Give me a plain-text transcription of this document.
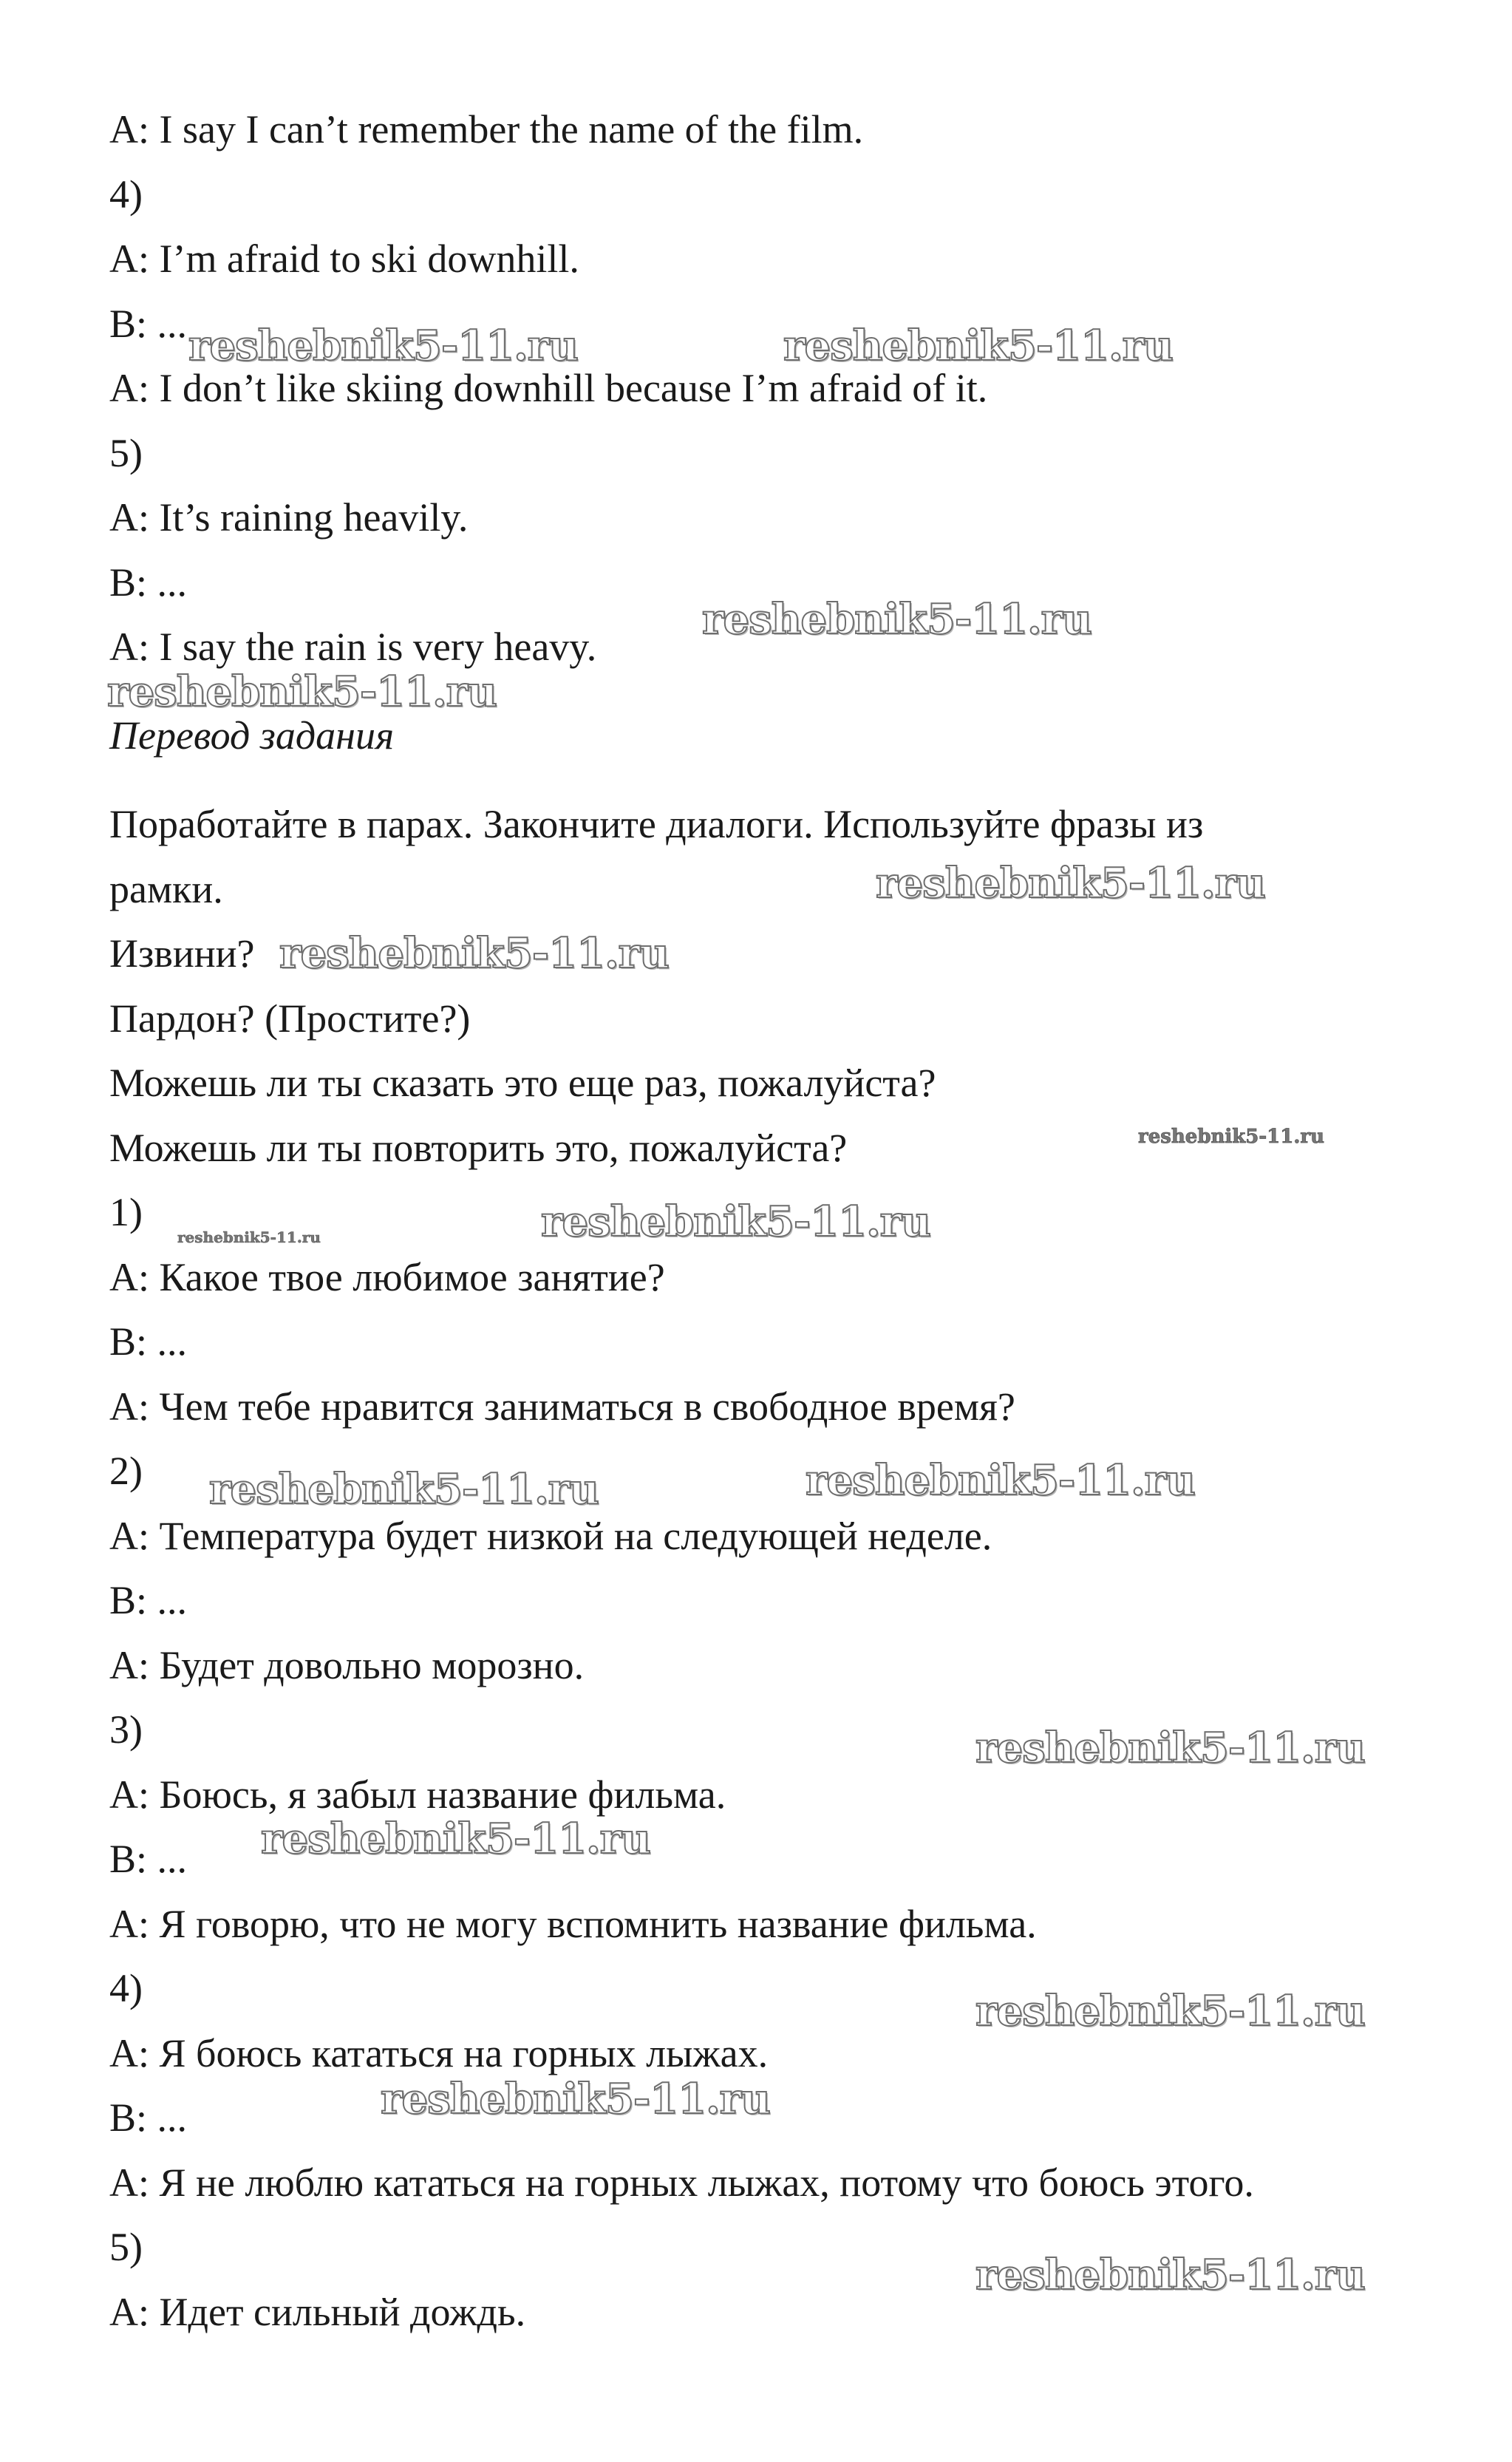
A: I say I can’t remember the name of the film.
4)
A: I’m afraid to ski downhill.
B: ...
A: I don’t like skiing downhill because I’m afraid of it.
5)
A: It’s raining heavily.
B: ...
A: I say the rain is very heavy.
Перевод задания
Поработайте в парах. Закончите диалоги. Используйте фразы из
рамки.
Извини?
Пардон? (Простите?)
Можешь ли ты сказать это еще раз, пожалуйста?
Можешь ли ты повторить это, пожалуйста?
1)
A: Какое твое любимое занятие?
B: ...
A: Чем тебе нравится заниматься в свободное время?
2)
A: Температура будет низкой на следующей неделе.
B: ...
A: Будет довольно морозно.
3)
A: Боюсь, я забыл название фильма.
B: ...
A: Я говорю, что не могу вспомнить название фильма.
4)
A: Я боюсь кататься на горных лыжах.
B: ...
A: Я не люблю кататься на горных лыжах, потому что боюсь этого.
5)
A: Идет сильный дождь.
reshebnik5-11.ru	reshebnik5-11.ru
reshebnik5-11.ru
reshebnik5-11.ru
reshebnik5-11.ru
reshebnik5-11.ru
reshebnik5-11.ru
reshebnik5-11.ru	reshebnik5-11.ru
reshebnik5-11.ru	reshebnik5-11.ru
reshebnik5-11.ru
reshebnik5-11.ru
reshebnik5-11.ru
reshebnik5-11.ru
reshebnik5-11.ru
